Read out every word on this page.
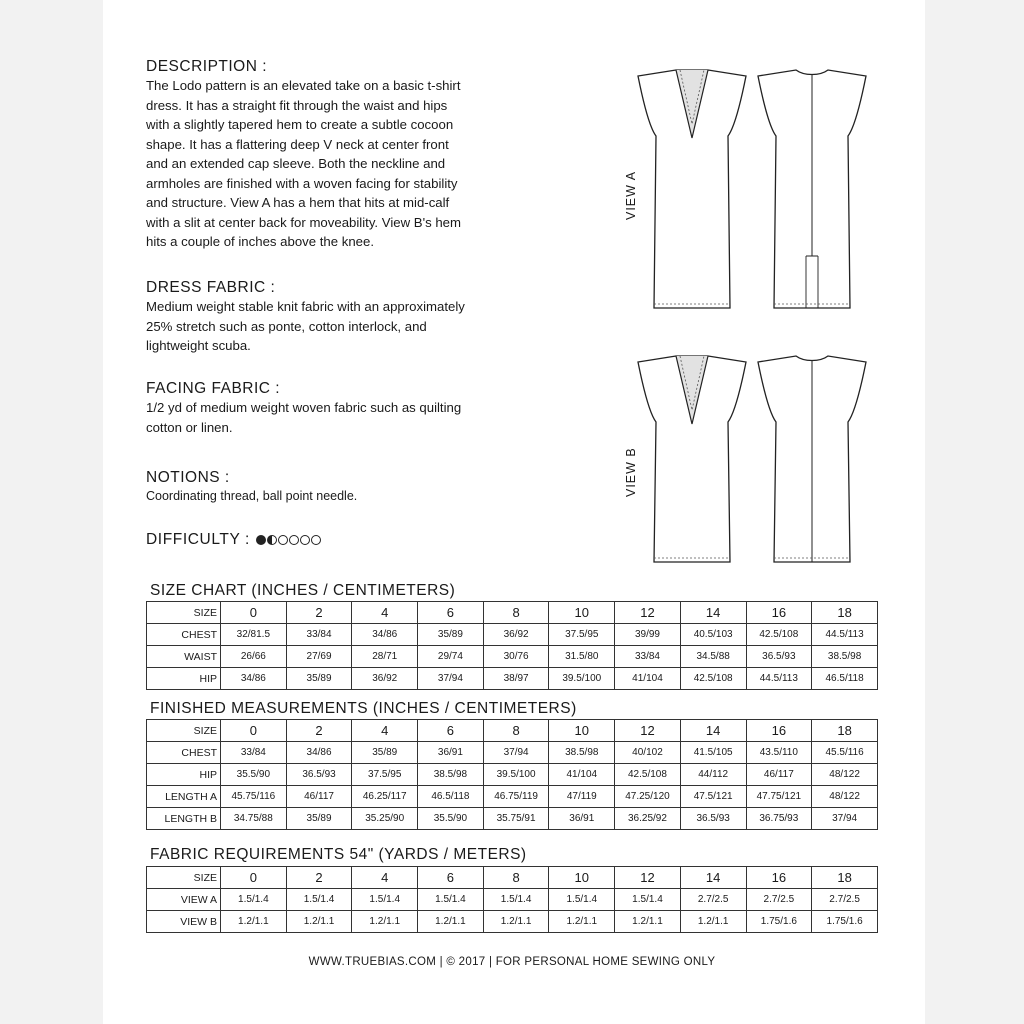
DESCRIPTION :
The Lodo pattern is an elevated take on a basic t-shirt
dress. It has a straight fit through the waist and hips
with a slightly tapered hem to create a subtle cocoon
shape. It has a flattering deep V neck at center front
and an extended cap sleeve. Both the neckline and
armholes are finished with a woven facing for stability
and structure. View A has a hem that hits at mid-calf
with a slit at center back for moveability. View B's hem
hits a couple of inches above the knee.
DRESS FABRIC :
Medium weight stable knit fabric with an approximately
25% stretch such as ponte, cotton interlock, and
lightweight scuba.
FACING FABRIC :
1/2 yd of medium weight woven fabric such as quilting
cotton or linen.
NOTIONS :
Coordinating thread, ball point needle.
DIFFICULTY :
VIEW A
VIEW B
SIZE CHART (INCHES / CENTIMETERS)
SIZE	0	2	4	6	8	10	12	14	16	18
CHEST	32/81.5	33/84	34/86	35/89	36/92	37.5/95	39/99	40.5/103	42.5/108	44.5/113
WAIST	26/66	27/69	28/71	29/74	30/76	31.5/80	33/84	34.5/88	36.5/93	38.5/98
HIP	34/86	35/89	36/92	37/94	38/97	39.5/100	41/104	42.5/108	44.5/113	46.5/118
FINISHED MEASUREMENTS (INCHES / CENTIMETERS)
SIZE	0	2	4	6	8	10	12	14	16	18
CHEST	33/84	34/86	35/89	36/91	37/94	38.5/98	40/102	41.5/105	43.5/110	45.5/116
HIP	35.5/90	36.5/93	37.5/95	38.5/98	39.5/100	41/104	42.5/108	44/112	46/117	48/122
LENGTH A	45.75/116	46/117	46.25/117	46.5/118	46.75/119	47/119	47.25/120	47.5/121	47.75/121	48/122
LENGTH B	34.75/88	35/89	35.25/90	35.5/90	35.75/91	36/91	36.25/92	36.5/93	36.75/93	37/94
FABRIC REQUIREMENTS 54" (YARDS / METERS)
SIZE	0	2	4	6	8	10	12	14	16	18
VIEW A	1.5/1.4	1.5/1.4	1.5/1.4	1.5/1.4	1.5/1.4	1.5/1.4	1.5/1.4	2.7/2.5	2.7/2.5	2.7/2.5
VIEW B	1.2/1.1	1.2/1.1	1.2/1.1	1.2/1.1	1.2/1.1	1.2/1.1	1.2/1.1	1.2/1.1	1.75/1.6	1.75/1.6
WWW.TRUEBIAS.COM | © 2017 | FOR PERSONAL HOME SEWING ONLY
